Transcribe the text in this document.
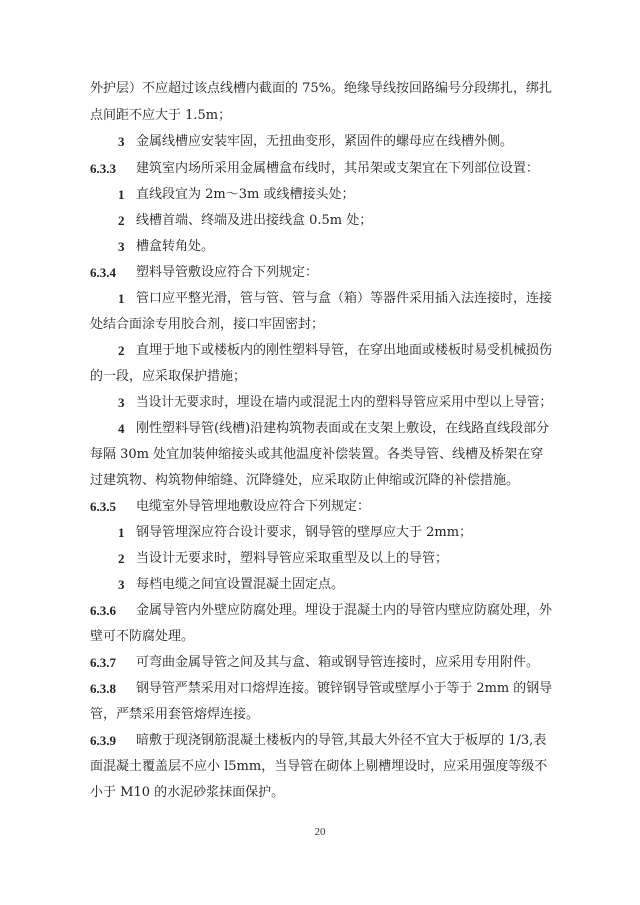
外护层）不应超过该点线槽内截面的 75%。绝缘导线按回路编号分段绑扎，绑扎
点间距不应大于 1.5m；
3 金属线槽应安装牢固，无扭曲变形，紧固件的螺母应在线槽外侧。
6.3.3 建筑室内场所采用金属槽盒布线时，其吊架或支架宜在下列部位设置：
1 直线段宜为 2m～3m 或线槽接头处；
2 线槽首端、终端及进出接线盒 0.5m 处；
3 槽盒转角处。
6.3.4 塑料导管敷设应符合下列规定：
1 管口应平整光滑，管与管、管与盒（箱）等器件采用插入法连接时，连接
处结合面涂专用胶合剂，接口牢固密封；
2 直埋于地下或楼板内的刚性塑料导管，在穿出地面或楼板时易受机械损伤
的一段，应采取保护措施；
3 当设计无要求时，埋设在墙内或混泥土内的塑料导管应采用中型以上导管；
4 刚性塑料导管(线槽)沿建构筑物表面或在支架上敷设，在线路直线段部分
每隔 30m 处宜加装伸缩接头或其他温度补偿装置。各类导管、线槽及桥架在穿
过建筑物、构筑物伸缩缝、沉降缝处，应采取防止伸缩或沉降的补偿措施。
6.3.5 电缆室外导管埋地敷设应符合下列规定：
1 钢导管埋深应符合设计要求，钢导管的壁厚应大于 2mm；
2 当设计无要求时，塑料导管应采取重型及以上的导管；
3 每档电缆之间宜设置混凝土固定点。
6.3.6 金属导管内外壁应防腐处理。埋设于混凝土内的导管内壁应防腐处理，外
壁可不防腐处理。
6.3.7 可弯曲金属导管之间及其与盒、箱或钢导管连接时，应采用专用附件。
6.3.8 钢导管严禁采用对口熔焊连接。镀锌钢导管或壁厚小于等于 2mm 的钢导
管，严禁采用套管熔焊连接。
6.3.9 暗敷于现浇钢筋混凝土楼板内的导管,其最大外径不宜大于板厚的 1/3,表
面混凝土覆盖层不应小 l5mm，当导管在砌体上剔槽埋设时，应采用强度等级不
小于 M10 的水泥砂浆抹面保护。
20
